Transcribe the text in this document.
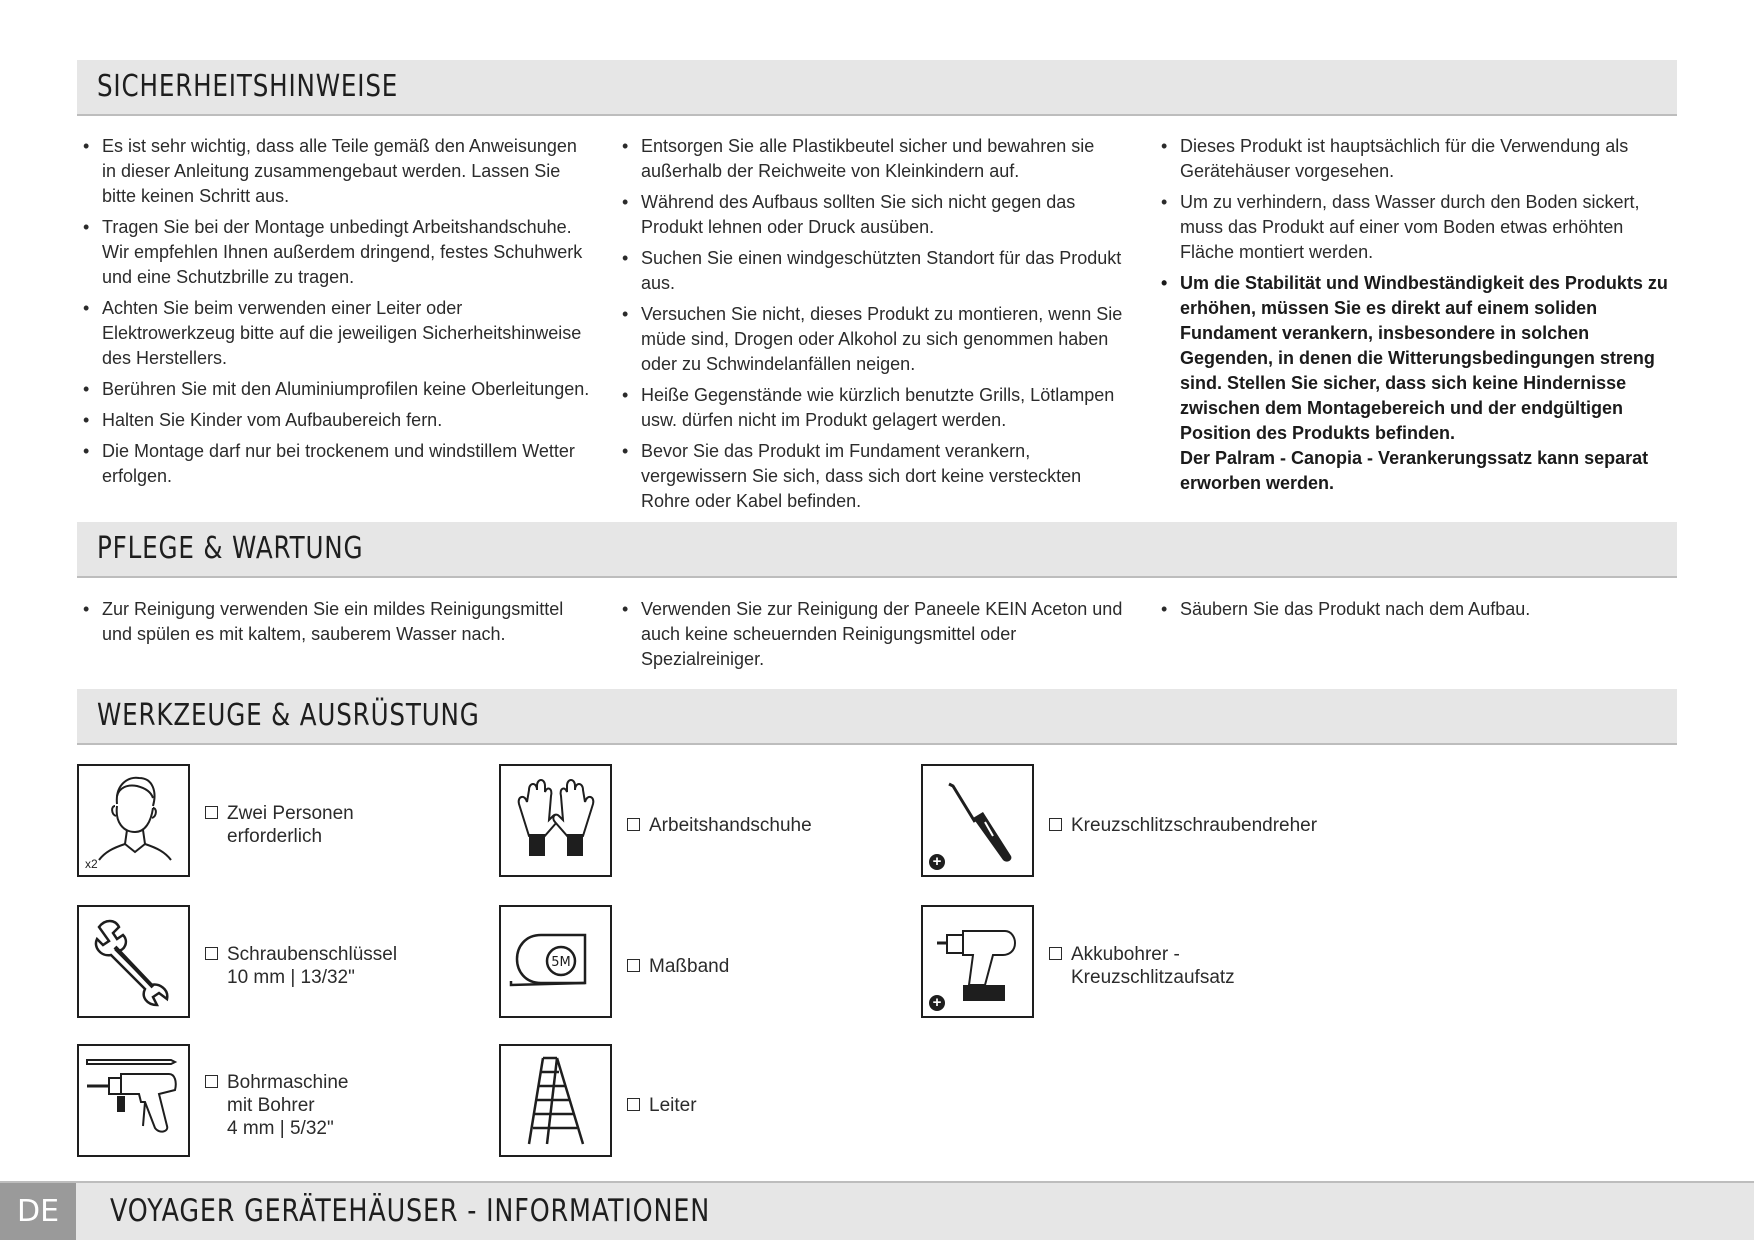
SICHERHEITSHINWEISE
• Es ist sehr wichtig, dass alle Teile gemäß den Anweisungen in dieser Anleitung zusammengebaut werden. Lassen Sie bitte keinen Schritt aus.
• Tragen Sie bei der Montage unbedingt Arbeitshandschuhe. Wir empfehlen Ihnen außerdem dringend, festes Schuhwerk und eine Schutzbrille zu tragen.
• Achten Sie beim verwenden einer Leiter oder Elektrowerkzeug bitte auf die jeweiligen Sicherheitshinweise des Herstellers.
• Berühren Sie mit den Aluminiumprofilen keine Oberleitungen.
• Halten Sie Kinder vom Aufbaubereich fern.
• Die Montage darf nur bei trockenem und windstillem Wetter erfolgen.
• Entsorgen Sie alle Plastikbeutel sicher und bewahren sie außerhalb der Reichweite von Kleinkindern auf.
• Während des Aufbaus sollten Sie sich nicht gegen das Produkt lehnen oder Druck ausüben.
• Suchen Sie einen windgeschützten Standort für das Produkt aus.
• Versuchen Sie nicht, dieses Produkt zu montieren, wenn Sie müde sind, Drogen oder Alkohol zu sich genommen haben oder zu Schwindelanfällen neigen.
• Heiße Gegenstände wie kürzlich benutzte Grills, Lötlampen usw. dürfen nicht im Produkt gelagert werden.
• Bevor Sie das Produkt im Fundament verankern, vergewissern Sie sich, dass sich dort keine versteckten Rohre oder Kabel befinden.
• Dieses Produkt ist hauptsächlich für die Verwendung als Gerätehäuser vorgesehen.
• Um zu verhindern, dass Wasser durch den Boden sickert, muss das Produkt auf einer vom Boden etwas erhöhten Fläche montiert werden.
• Um die Stabilität und Windbeständigkeit des Produkts zu erhöhen, müssen Sie es direkt auf einem soliden Fundament verankern, insbesondere in solchen Gegenden, in denen die Witterungsbedingungen streng sind. Stellen Sie sicher, dass sich keine Hindernisse zwischen dem Montagebereich und der endgültigen Position des Produkts befinden.
Der Palram - Canopia - Verankerungssatz kann separat erworben werden.
PFLEGE & WARTUNG
• Zur Reinigung verwenden Sie ein mildes Reinigungsmittel und spülen es mit kaltem, sauberem Wasser nach.
• Verwenden Sie zur Reinigung der Paneele KEIN Aceton und auch keine scheuernden Reinigungsmittel oder Spezialreiniger.
• Säubern Sie das Produkt nach dem Aufbau.
WERKZEUGE & AUSRÜSTUNG
x2
Zwei Personen
erforderlich
Arbeitshandschuhe
+
Kreuzschlitzschraubendreher
Schraubenschlüssel
10 mm | 13/32"
5M	Maßband
+
Akkubohrer -
Kreuzschlitzaufsatz
Bohrmaschine
mit Bohrer
4 mm | 5/32"
Leiter
DE	VOYAGER GERÄTEHÄUSER - INFORMATIONEN
